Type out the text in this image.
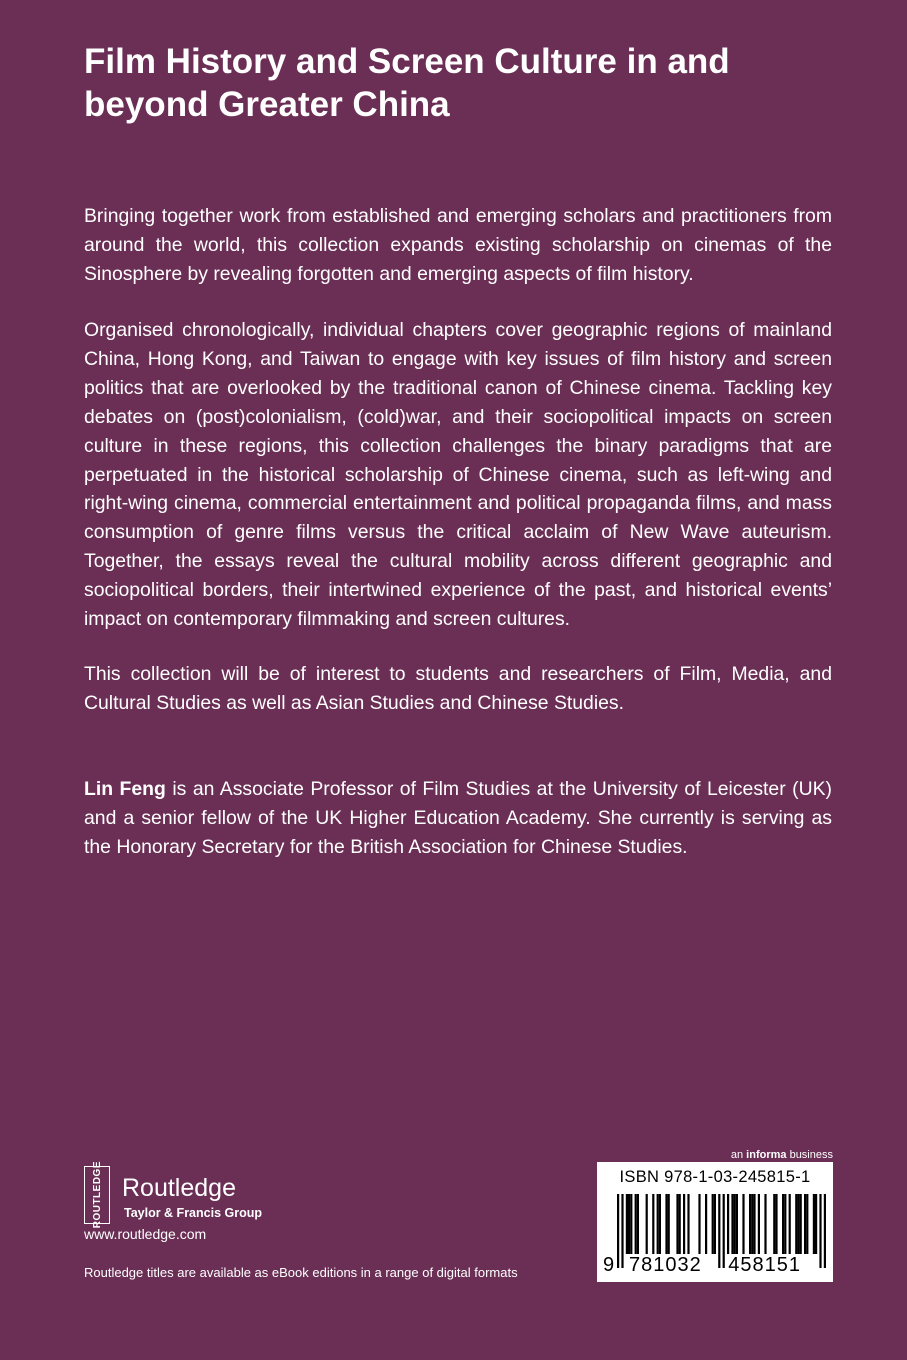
Film History and Screen Culture in and beyond Greater China

Bringing together work from established and emerging scholars and practitioners from around the world, this collection expands existing scholarship on cinemas of the Sinosphere by revealing forgotten and emerging aspects of film history.

Organised chronologically, individual chapters cover geographic regions of mainland China, Hong Kong, and Taiwan to engage with key issues of film history and screen politics that are overlooked by the traditional canon of Chinese cinema. Tackling key debates on (post)colonialism, (cold)war, and their sociopolitical impacts on screen culture in these regions, this collection challenges the binary paradigms that are perpetuated in the historical scholarship of Chinese cinema, such as left-wing and right-wing cinema, commercial entertainment and political propaganda films, and mass consumption of genre films versus the critical acclaim of New Wave auteurism. Together, the essays reveal the cultural mobility across different geographic and sociopolitical borders, their intertwined experience of the past, and historical events’ impact on contemporary filmmaking and screen cultures.

This collection will be of interest to students and researchers of Film, Media, and Cultural Studies as well as Asian Studies and Chinese Studies.

Lin Feng is an Associate Professor of Film Studies at the University of Leicester (UK) and a senior fellow of the UK Higher Education Academy. She currently is serving as the Honorary Secretary for the British Association for Chinese Studies.

ROUTLEDGE Routledge
Taylor & Francis Group
www.routledge.com
Routledge titles are available as eBook editions in a range of digital formats
an informa business
ISBN 978-1-03-245815-1
9 781032 458151
